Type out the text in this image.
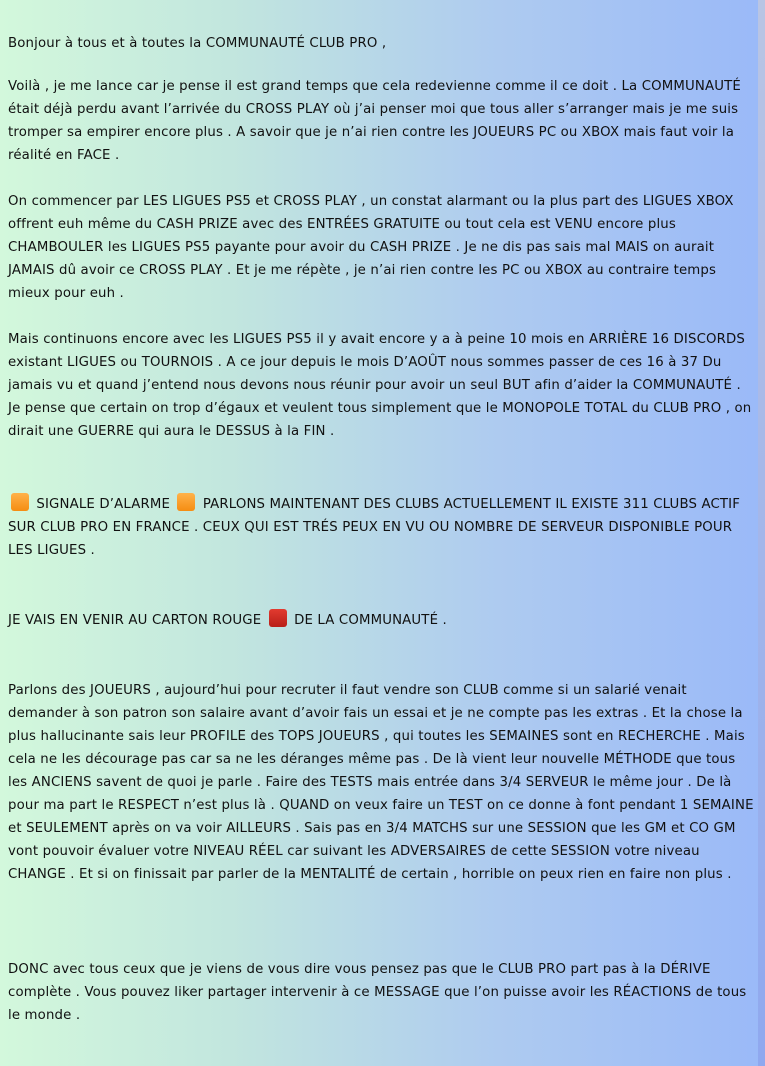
Bonjour à tous et à toutes la COMMUNAUTÉ CLUB PRO ,

Voilà , je me lance car je pense il est grand temps que cela redevienne comme il ce doit . La COMMUNAUTÉ était déjà perdu avant l’arrivée du CROSS PLAY où j’ai penser moi que tous aller s’arranger mais je me suis tromper sa empirer encore plus . A savoir que je n’ai rien contre les JOUEURS PC ou XBOX mais faut voir la réalité en FACE .

On commencer par LES LIGUES PS5 et CROSS PLAY , un constat alarmant ou la plus part des LIGUES XBOX offrent euh même du CASH PRIZE avec des ENTRÉES GRATUITE ou tout cela est VENU encore plus CHAMBOULER les LIGUES PS5 payante pour avoir du CASH PRIZE . Je ne dis pas sais mal MAIS on aurait JAMAIS dû avoir ce CROSS PLAY . Et je me répète , je n’ai rien contre les PC ou XBOX au contraire temps mieux pour euh .

Mais continuons encore avec les LIGUES PS5 il y avait encore y a à peine 10 mois en ARRIÈRE 16 DISCORDS existant LIGUES ou TOURNOIS . A ce jour depuis le mois D’AOÛT nous sommes passer de ces 16 à 37 Du jamais vu et quand j’entend nous devons nous réunir pour avoir un seul BUT afin d’aider la COMMUNAUTÉ . Je pense que certain on trop d’égaux et veulent tous simplement que le MONOPOLE TOTAL du CLUB PRO , on dirait une GUERRE qui aura le DESSUS à la FIN .

SIGNALE D’ALARME PARLONS MAINTENANT DES CLUBS ACTUELLEMENT IL EXISTE 311 CLUBS ACTIF SUR CLUB PRO EN FRANCE . CEUX QUI EST TRÉS PEUX EN VU OU NOMBRE DE SERVEUR DISPONIBLE POUR LES LIGUES .

JE VAIS EN VENIR AU CARTON ROUGE DE LA COMMUNAUTÉ .

Parlons des JOUEURS , aujourd’hui pour recruter il faut vendre son CLUB comme si un salarié venait demander à son patron son salaire avant d’avoir fais un essai et je ne compte pas les extras . Et la chose la plus hallucinante sais leur PROFILE des TOPS JOUEURS , qui toutes les SEMAINES sont en RECHERCHE . Mais cela ne les décourage pas car sa ne les déranges même pas . De là vient leur nouvelle MÉTHODE que tous les ANCIENS savent de quoi je parle . Faire des TESTS mais entrée dans 3/4 SERVEUR le même jour . De là pour ma part le RESPECT n’est plus là . QUAND on veux faire un TEST on ce donne à font pendant 1 SEMAINE et SEULEMENT après on va voir AILLEURS . Sais pas en 3/4 MATCHS sur une SESSION que les GM et CO GM vont pouvoir évaluer votre NIVEAU RÉEL car suivant les ADVERSAIRES de cette SESSION votre niveau CHANGE . Et si on finissait par parler de la MENTALITÉ de certain , horrible on peux rien en faire non plus .

DONC avec tous ceux que je viens de vous dire vous pensez pas que le CLUB PRO part pas à la DÉRIVE complète . Vous pouvez liker partager intervenir à ce MESSAGE que l’on puisse avoir les RÉACTIONS de tous le monde .
